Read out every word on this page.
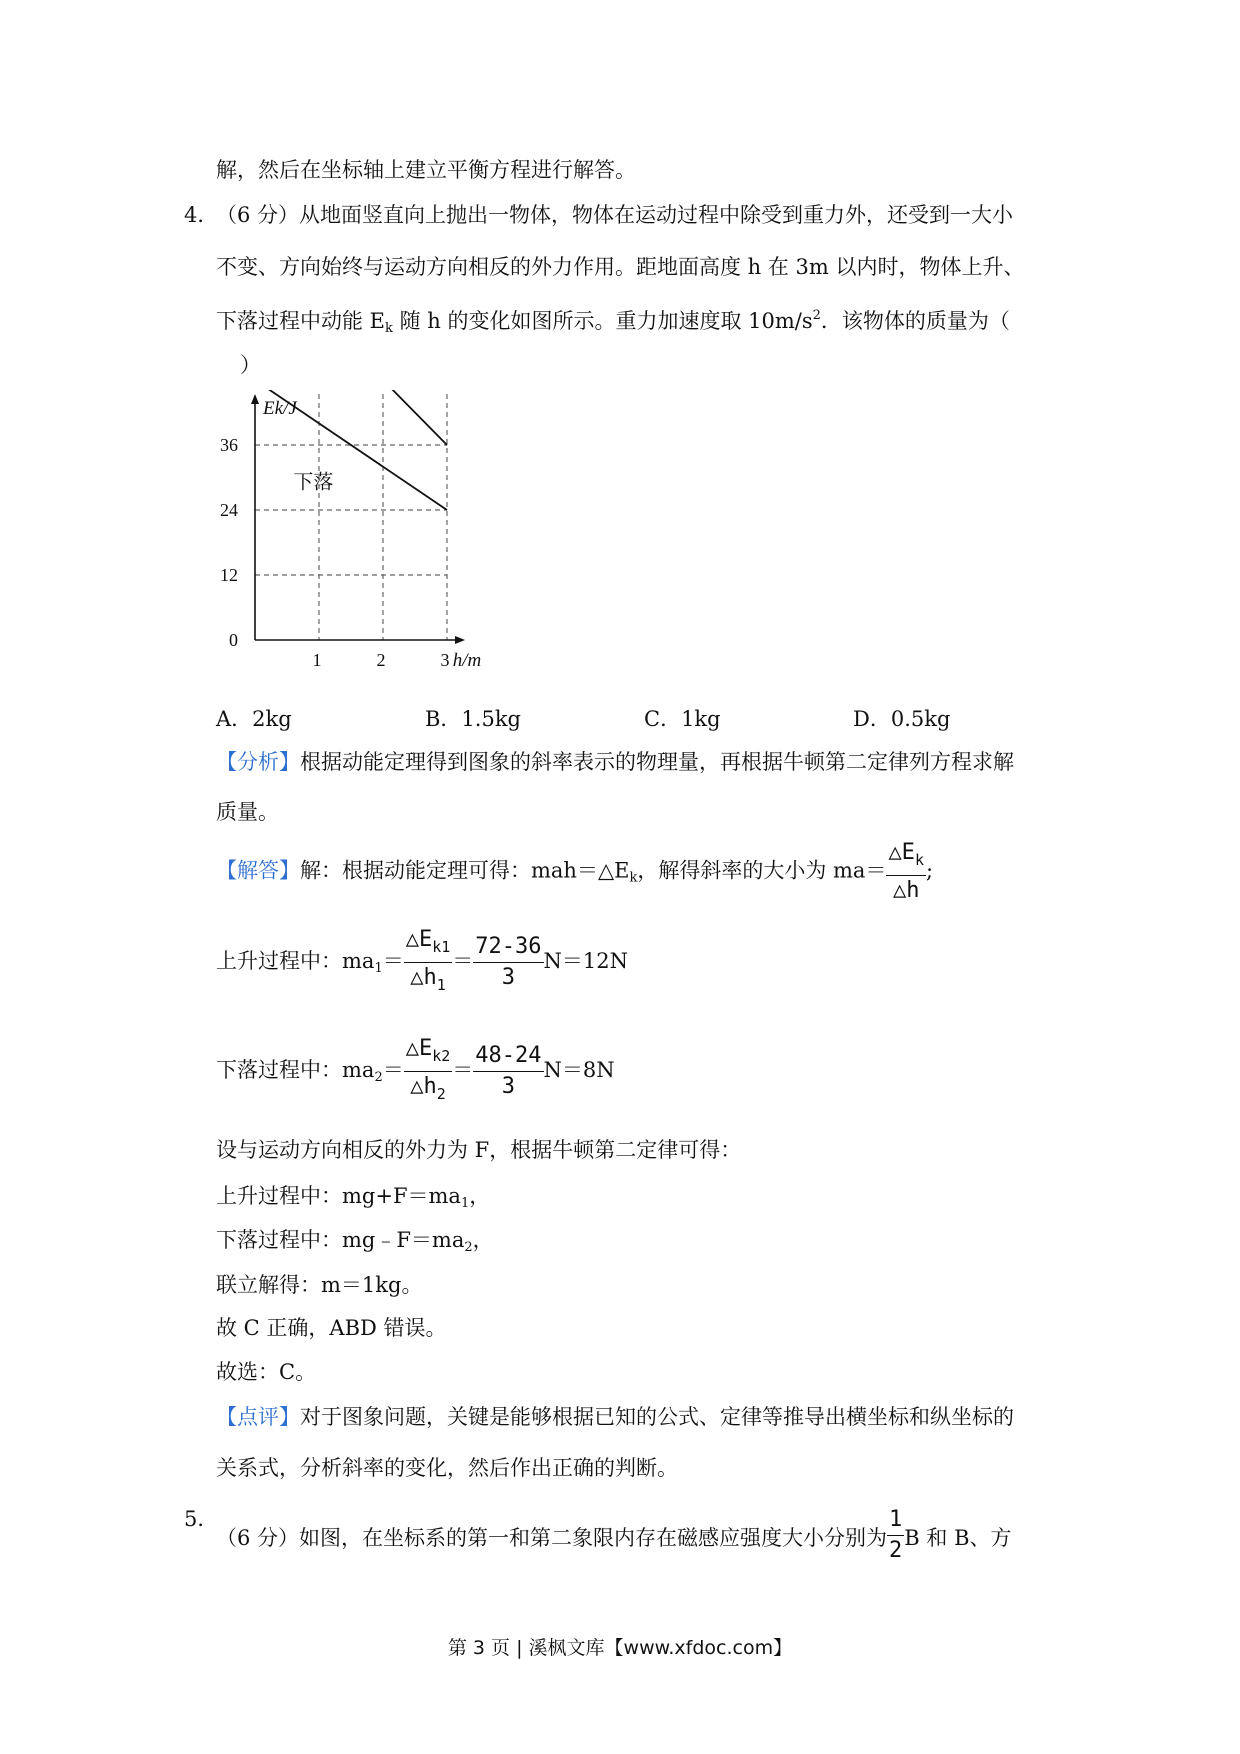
解，然后在坐标轴上建立平衡方程进行解答。
4．
（6 分）从地面竖直向上抛出一物体，物体在运动过程中除受到重力外，还受到一大小
不变、方向始终与运动方向相反的外力作用。距地面高度 h 在 3m 以内时，物体上升、
下落过程中动能 $E_k$ 随 h 的变化如图所示。重力加速度取 $10m/s^2$．该物体的质量为（
）
0
12
24
36
1	2	3
Ek/J
h/m
下落
A．2kg	B．1.5kg	C．1kg	D．0.5kg
【分析】根据动能定理得到图象的斜率表示的物理量，再根据牛顿第二定律列方程求解
质量。
【解答】解：根据动能定理可得：$mah=\triangle E_k$，解得斜率的大小为 $ma= \frac{\triangle E_k}{\triangle h}$ ;
上升过程中：$ma_1= \frac{\triangle E_{k1}}{\triangle h_1} = \frac{72-36}{3} N=12N$
下落过程中：$ma_2= \frac{\triangle E_{k2}}{\triangle h_2} = \frac{48-24}{3} N=8N$
设与运动方向相反的外力为 F，根据牛顿第二定律可得：
上升过程中：$mg+F=ma_1$，
下落过程中：$mg﹣F=ma_2$，
联立解得：m＝1kg。
故 C 正确，ABD 错误。
故选：C。
【点评】对于图象问题，关键是能够根据已知的公式、定律等推导出横坐标和纵坐标的
关系式，分析斜率的变化，然后作出正确的判断。
5．
（6 分）如图，在坐标系的第一和第二象限内存在磁感应强度大小分别为 $\frac{1}{2}$ B 和 B、方
第 3 页 | 溪枫文库【www.xfdoc.com】
